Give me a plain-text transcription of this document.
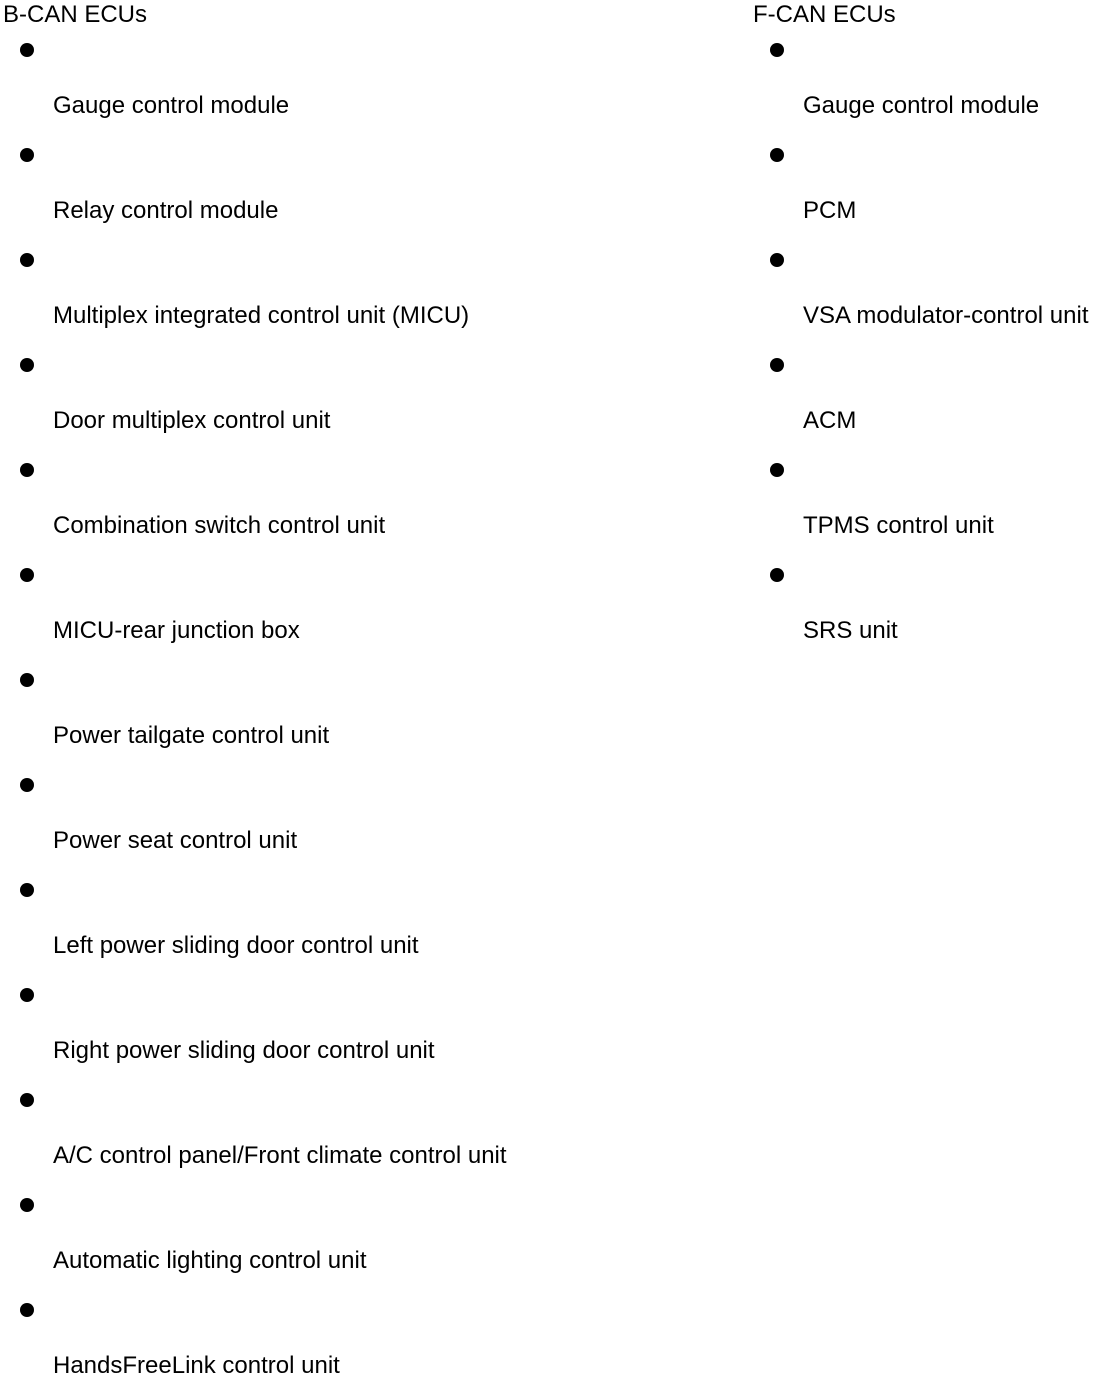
B-CAN ECUs
Gauge control module
Relay control module
Multiplex integrated control unit (MICU)
Door multiplex control unit
Combination switch control unit
MICU-rear junction box
Power tailgate control unit
Power seat control unit
Left power sliding door control unit
Right power sliding door control unit
A/C control panel/Front climate control unit
Automatic lighting control unit
HandsFreeLink control unit
F-CAN ECUs
Gauge control module
PCM
VSA modulator-control unit
ACM
TPMS control unit
SRS unit
